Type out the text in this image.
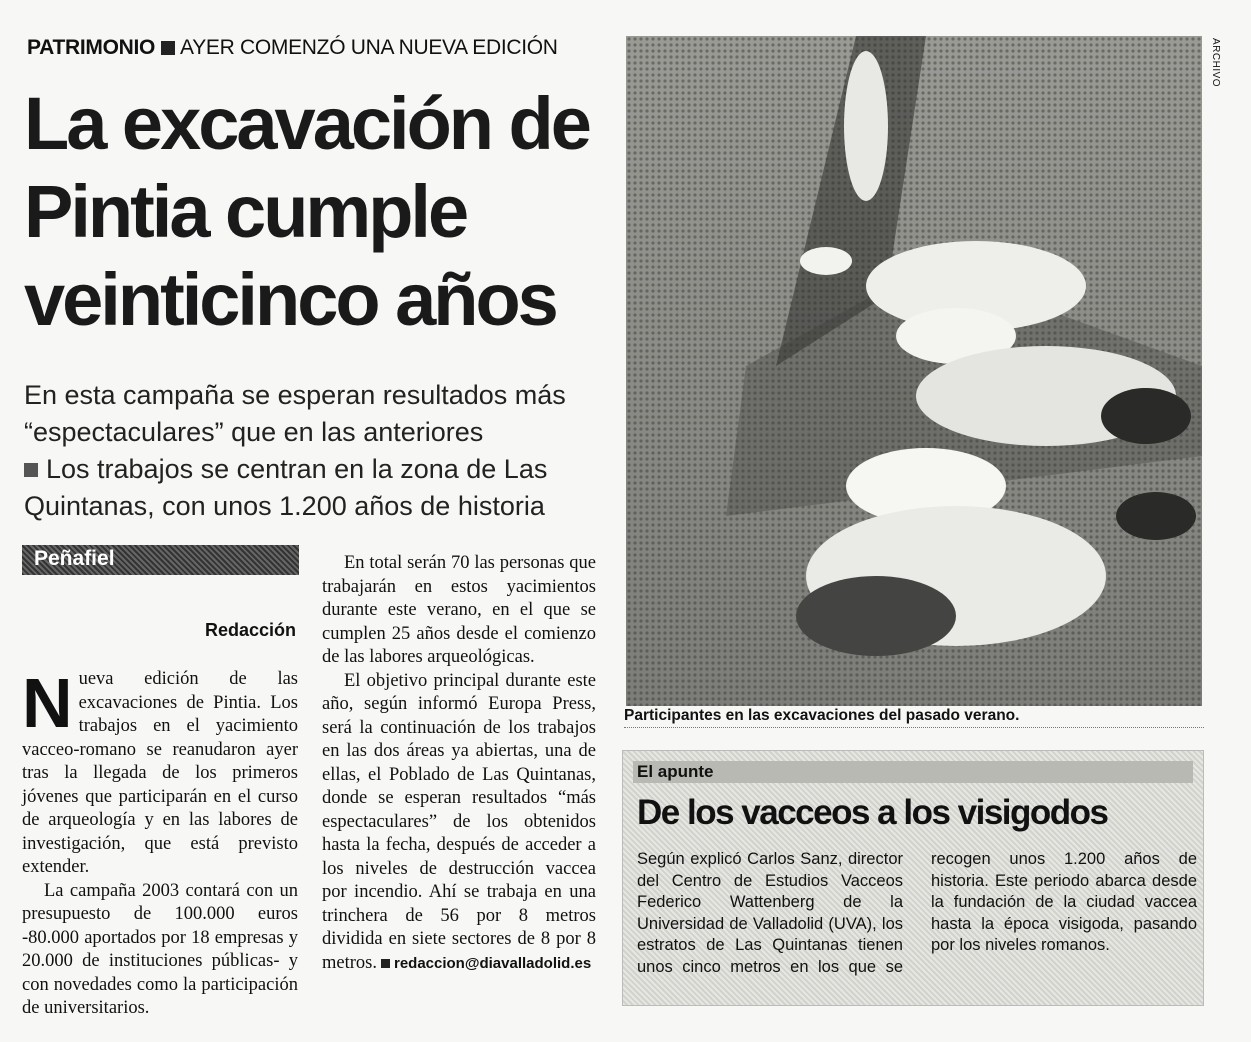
PATRIMONIO AYER COMENZÓ UNA NUEVA EDICIÓN
La excavación de Pintia cumple veinticinco años
En esta campaña se esperan resultados más “espectaculares” que en las anteriores
Los trabajos se centran en la zona de Las Quintanas, con unos 1.200 años de historia
Peñafiel
Redacción

Nueva edición de las excavaciones de Pintia. Los trabajos en el yacimiento vacceo-romano se reanudaron ayer tras la llegada de los primeros jóvenes que participarán en el curso de arqueología y en las labores de investigación, que está previsto extender.

La campaña 2003 contará con un presupuesto de 100.000 euros -80.000 aportados por 18 empresas y 20.000 de instituciones públicas- y con novedades como la participación de universitarios.

En total serán 70 las personas que trabajarán en estos yacimientos durante este verano, en el que se cumplen 25 años desde el comienzo de las labores arqueológicas.

El objetivo principal durante este año, según informó Europa Press, será la continuación de los trabajos en las dos áreas ya abiertas, una de ellas, el Poblado de Las Quintanas, donde se esperan resultados “más espectaculares” de los obtenidos hasta la fecha, después de acceder a los niveles de destrucción vaccea por incendio. Ahí se trabaja en una trinchera de 56 por 8 metros dividida en siete sectores de 8 por 8 metros. redaccion@diavalladolid.es

ARCHIVO
Participantes en las excavaciones del pasado verano.
El apunte
De los vacceos a los visigodos
Según explicó Carlos Sanz, director del Centro de Estudios Vacceos Federico Wattenberg de la Universidad de Valladolid (UVA), los estratos de Las Quintanas tienen unos cinco metros en los que se recogen unos 1.200 años de historia. Este periodo abarca desde la fundación de la ciudad vaccea hasta la época visigoda, pasando por los niveles romanos.
